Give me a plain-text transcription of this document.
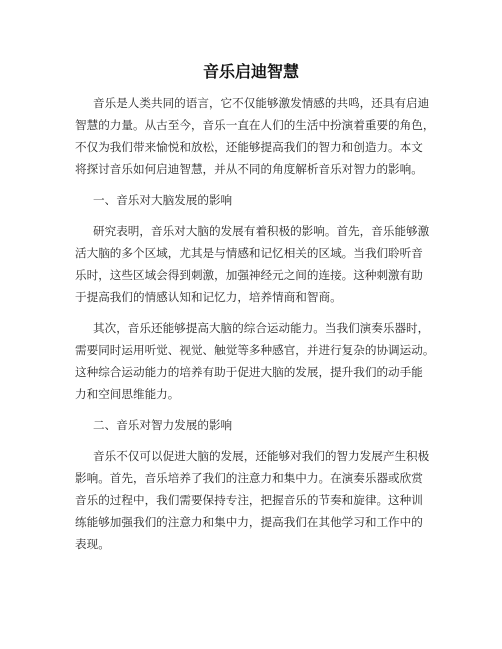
音乐启迪智慧
音乐是人类共同的语言，它不仅能够激发情感的共鸣，还具有启迪
智慧的力量。从古至今，音乐一直在人们的生活中扮演着重要的角色，
不仅为我们带来愉悦和放松，还能够提高我们的智力和创造力。本文
将探讨音乐如何启迪智慧，并从不同的角度解析音乐对智力的影响。
一、音乐对大脑发展的影响
研究表明，音乐对大脑的发展有着积极的影响。首先，音乐能够激
活大脑的多个区域，尤其是与情感和记忆相关的区域。当我们聆听音
乐时，这些区域会得到刺激，加强神经元之间的连接。这种刺激有助
于提高我们的情感认知和记忆力，培养情商和智商。
其次，音乐还能够提高大脑的综合运动能力。当我们演奏乐器时，
需要同时运用听觉、视觉、触觉等多种感官，并进行复杂的协调运动。
这种综合运动能力的培养有助于促进大脑的发展，提升我们的动手能
力和空间思维能力。
二、音乐对智力发展的影响
音乐不仅可以促进大脑的发展，还能够对我们的智力发展产生积极
影响。首先，音乐培养了我们的注意力和集中力。在演奏乐器或欣赏
音乐的过程中，我们需要保持专注，把握音乐的节奏和旋律。这种训
练能够加强我们的注意力和集中力，提高我们在其他学习和工作中的
表现。
